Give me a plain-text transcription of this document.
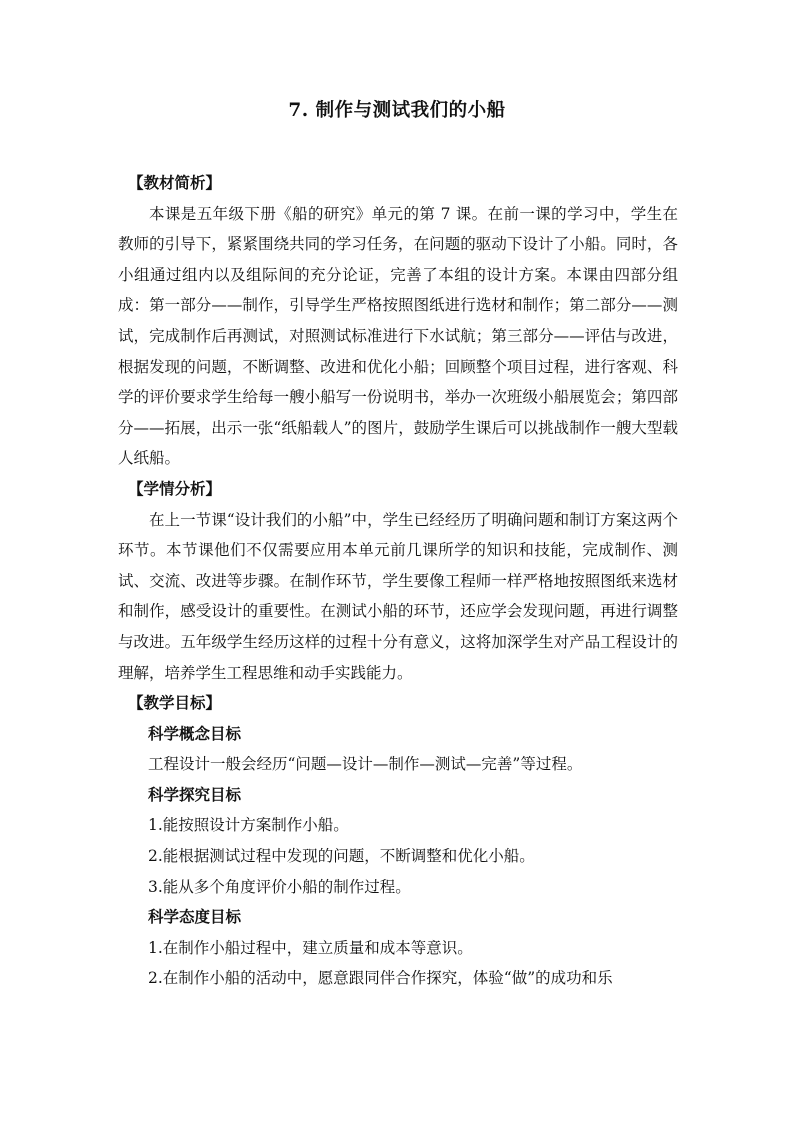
7. 制作与测试我们的小船

【教材简析】

本课是五年级下册《船的研究》单元的第 7 课。在前一课的学习中，学生在教师的引导下，紧紧围绕共同的学习任务，在问题的驱动下设计了小船。同时，各小组通过组内以及组际间的充分论证，完善了本组的设计方案。本课由四部分组成：第一部分——制作，引导学生严格按照图纸进行选材和制作；第二部分——测试，完成制作后再测试，对照测试标准进行下水试航；第三部分——评估与改进，根据发现的问题，不断调整、改进和优化小船；回顾整个项目过程，进行客观、科学的评价要求学生给每一艘小船写一份说明书，举办一次班级小船展览会；第四部分——拓展，出示一张“纸船载人”的图片，鼓励学生课后可以挑战制作一艘大型载人纸船。

【学情分析】

在上一节课“设计我们的小船”中，学生已经经历了明确问题和制订方案这两个环节。本节课他们不仅需要应用本单元前几课所学的知识和技能，完成制作、测试、交流、改进等步骤。在制作环节，学生要像工程师一样严格地按照图纸来选材和制作，感受设计的重要性。在测试小船的环节，还应学会发现问题，再进行调整与改进。五年级学生经历这样的过程十分有意义，这将加深学生对产品工程设计的理解，培养学生工程思维和动手实践能力。

【教学目标】

科学概念目标

工程设计一般会经历“问题—设计—制作—测试—完善”等过程。

科学探究目标

1.能按照设计方案制作小船。

2.能根据测试过程中发现的问题，不断调整和优化小船。

3.能从多个角度评价小船的制作过程。

科学态度目标

1.在制作小船过程中，建立质量和成本等意识。

2.在制作小船的活动中，愿意跟同伴合作探究，体验“做”的成功和乐
